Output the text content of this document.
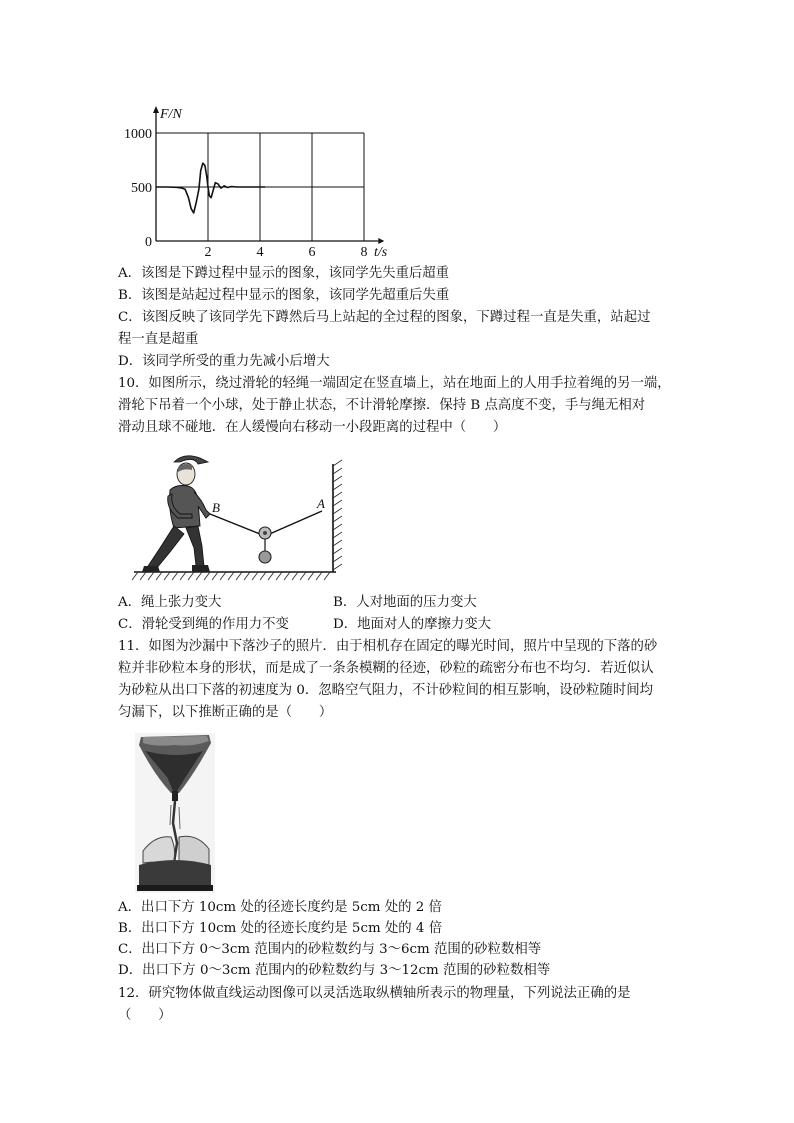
2	4	6	8
0
500
1000
F/N
t/s
A．该图是下蹲过程中显示的图象，该同学先失重后超重
B．该图是站起过程中显示的图象，该同学先超重后失重
C．该图反映了该同学先下蹲然后马上站起的全过程的图象，下蹲过程一直是失重，站起过
程一直是超重
D．该同学所受的重力先减小后增大
10．如图所示，绕过滑轮的轻绳一端固定在竖直墙上，站在地面上的人用手拉着绳的另一端，
滑轮下吊着一个小球，处于静止状态，不计滑轮摩擦．保持 B 点高度不变，手与绳无相对
滑动且球不碰地．在人缓慢向右移动一小段距离的过程中（　　）
B	A
A．绳上张力变大	B．人对地面的压力变大
C．滑轮受到绳的作用力不变	D．地面对人的摩擦力变大
11．如图为沙漏中下落沙子的照片．由于相机存在固定的曝光时间，照片中呈现的下落的砂
粒并非砂粒本身的形状，而是成了一条条模糊的径迹，砂粒的疏密分布也不均匀．若近似认
为砂粒从出口下落的初速度为 0．忽略空气阻力，不计砂粒间的相互影响，设砂粒随时间均
匀漏下，以下推断正确的是（　　）
A．出口下方 10cm 处的径迹长度约是 5cm 处的 2 倍
B．出口下方 10cm 处的径迹长度约是 5cm 处的 4 倍
C．出口下方 0～3cm 范围内的砂粒数约与 3～6cm 范围的砂粒数相等
D．出口下方 0～3cm 范围内的砂粒数约与 3～12cm 范围的砂粒数相等
12．研究物体做直线运动图像可以灵活选取纵横轴所表示的物理量，下列说法正确的是
（　　）
